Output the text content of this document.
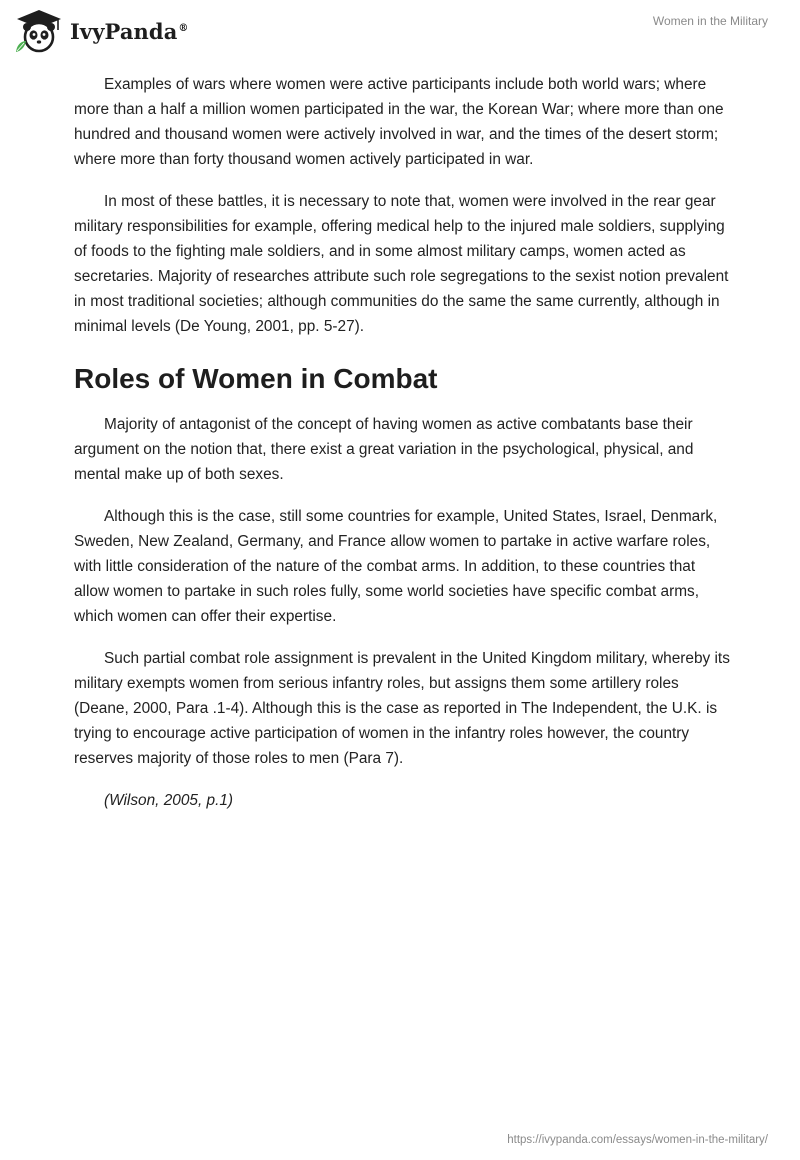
IvyPanda®	Women in the Military

Examples of wars where women were active participants include both world wars; where more than a half a million women participated in the war, the Korean War; where more than one hundred and thousand women were actively involved in war, and the times of the desert storm; where more than forty thousand women actively participated in war.

In most of these battles, it is necessary to note that, women were involved in the rear gear military responsibilities for example, offering medical help to the injured male soldiers, supplying of foods to the fighting male soldiers, and in some almost military camps, women acted as secretaries. Majority of researches attribute such role segregations to the sexist notion prevalent in most traditional societies; although communities do the same the same currently, although in minimal levels (De Young, 2001, pp. 5-27).

Roles of Women in Combat

Majority of antagonist of the concept of having women as active combatants base their argument on the notion that, there exist a great variation in the psychological, physical, and mental make up of both sexes.

Although this is the case, still some countries for example, United States, Israel, Denmark, Sweden, New Zealand, Germany, and France allow women to partake in active warfare roles, with little consideration of the nature of the combat arms. In addition, to these countries that allow women to partake in such roles fully, some world societies have specific combat arms, which women can offer their expertise.

Such partial combat role assignment is prevalent in the United Kingdom military, whereby its military exempts women from serious infantry roles, but assigns them some artillery roles (Deane, 2000, Para .1-4). Although this is the case as reported in The Independent, the U.K. is trying to encourage active participation of women in the infantry roles however, the country reserves majority of those roles to men (Para 7).

(Wilson, 2005, p.1)

https://ivypanda.com/essays/women-in-the-military/
